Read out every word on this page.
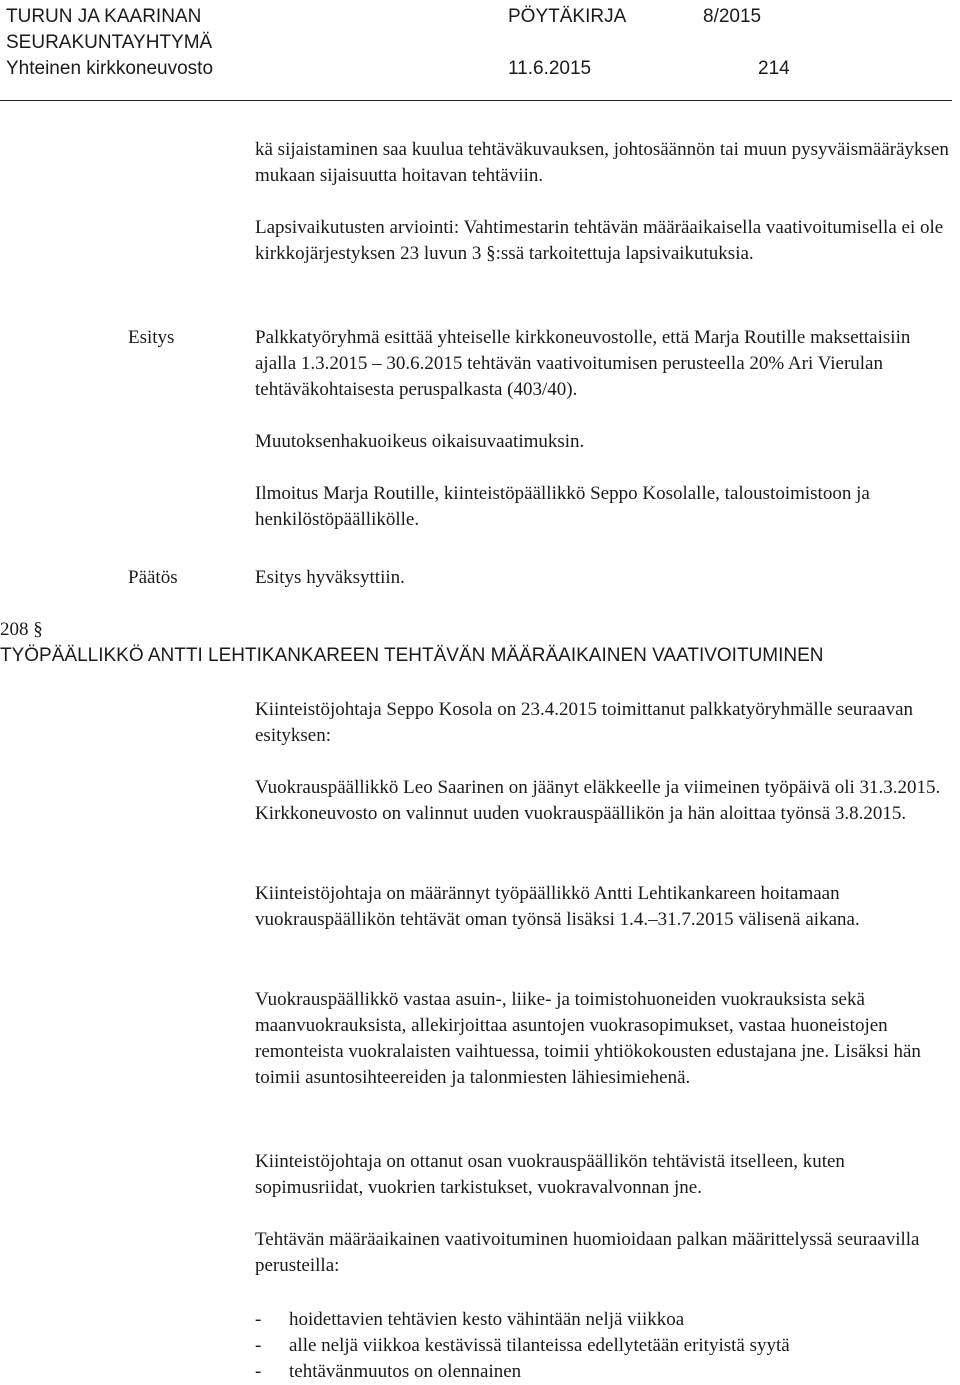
TURUN JA KAARINAN
SEURAKUNTAYHTYMÄ
Yhteinen kirkkoneuvosto
PÖYTÄKIRJA	8/2015
11.6.2015	214

kä sijaistaminen saa kuulua tehtäväkuvauksen, johtosäännön tai muun pysyväismääräyksen mukaan sijaisuutta hoitavan tehtäviin.

Lapsivaikutusten arviointi: Vahtimestarin tehtävän määräaikaisella vaativoitumisella ei ole kirkkojärjestyksen 23 luvun 3 §:ssä tarkoitettuja lapsivaikutuksia.

Esitys	Palkkatyöryhmä esittää yhteiselle kirkkoneuvostolle, että Marja Routille maksettaisiin ajalla 1.3.2015 – 30.6.2015 tehtävän vaativoitumisen perusteella 20% Ari Vierulan tehtäväkohtaisesta peruspalkasta (403/40).

Muutoksenhakuoikeus oikaisuvaatimuksin.

Ilmoitus Marja Routille, kiinteistöpäällikkö Seppo Kosolalle, taloustoimistoon ja henkilöstöpäällikölle.

Päätös	Esitys hyväksyttiin.

208 §
TYÖPÄÄLLIKKÖ ANTTI LEHTIKANKAREEN TEHTÄVÄN MÄÄRÄAIKAINEN VAATIVOITUMINEN

Kiinteistöjohtaja Seppo Kosola on 23.4.2015 toimittanut palkkatyöryhmälle seuraavan esityksen:

Vuokrauspäällikkö Leo Saarinen on jäänyt eläkkeelle ja viimeinen työpäivä oli 31.3.2015. Kirkkoneuvosto on valinnut uuden vuokrauspäällikön ja hän aloittaa työnsä 3.8.2015.

Kiinteistöjohtaja on määrännyt työpäällikkö Antti Lehtikankareen hoitamaan vuokrauspäällikön tehtävät oman työnsä lisäksi 1.4.–31.7.2015 välisenä aikana.

Vuokrauspäällikkö vastaa asuin-, liike- ja toimistohuoneiden vuokrauksista sekä maanvuokrauksista, allekirjoittaa asuntojen vuokrasopimukset, vastaa huoneistojen remonteista vuokralaisten vaihtuessa, toimii yhtiökokousten edustajana jne. Lisäksi hän toimii asuntosihteereiden ja talonmiesten lähiesimiehenä.

Kiinteistöjohtaja on ottanut osan vuokrauspäällikön tehtävistä itselleen, kuten sopimusriidat, vuokrien tarkistukset, vuokravalvonnan jne.

Tehtävän määräaikainen vaativoituminen huomioidaan palkan määrittelyssä seuraavilla perusteilla:

- hoidettavien tehtävien kesto vähintään neljä viikkoa
- alle neljä viikkoa kestävissä tilanteissa edellytetään erityistä syytä
- tehtävänmuutos on olennainen
